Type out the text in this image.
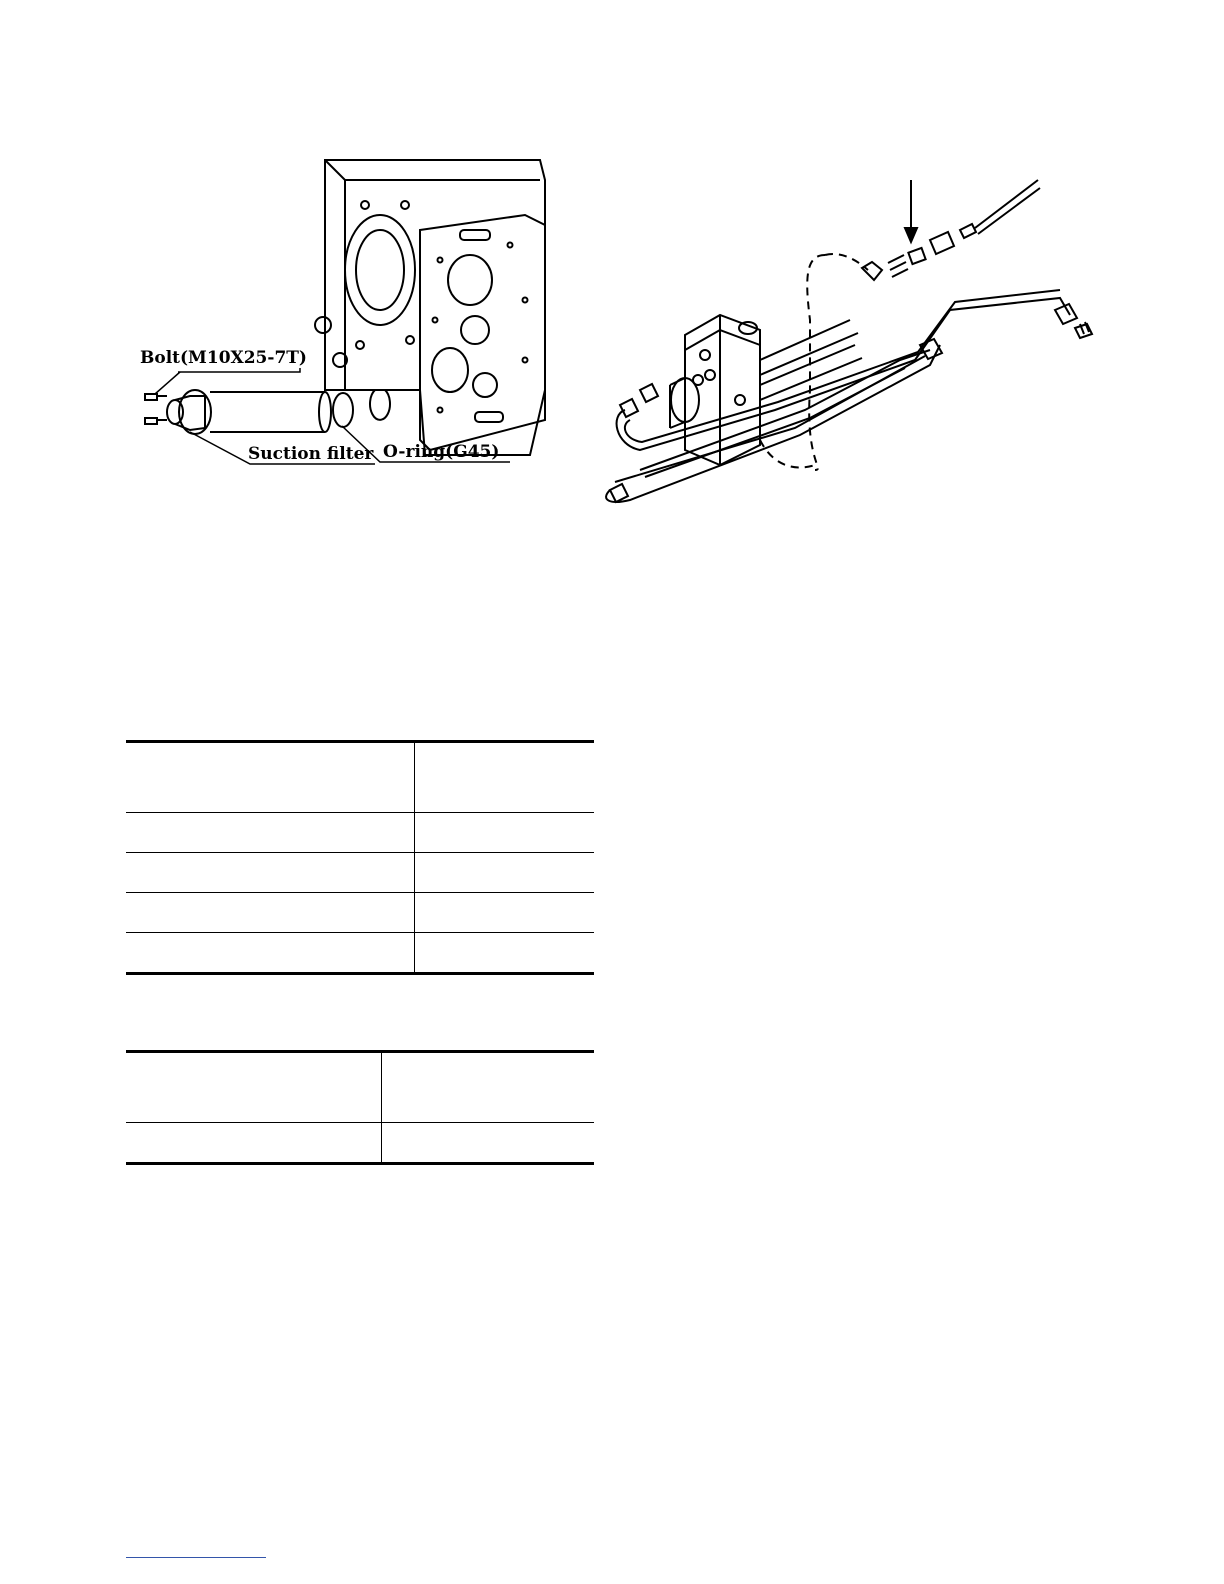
Bolt(M10X25-7T)
Suction filter O-ring(G45)
